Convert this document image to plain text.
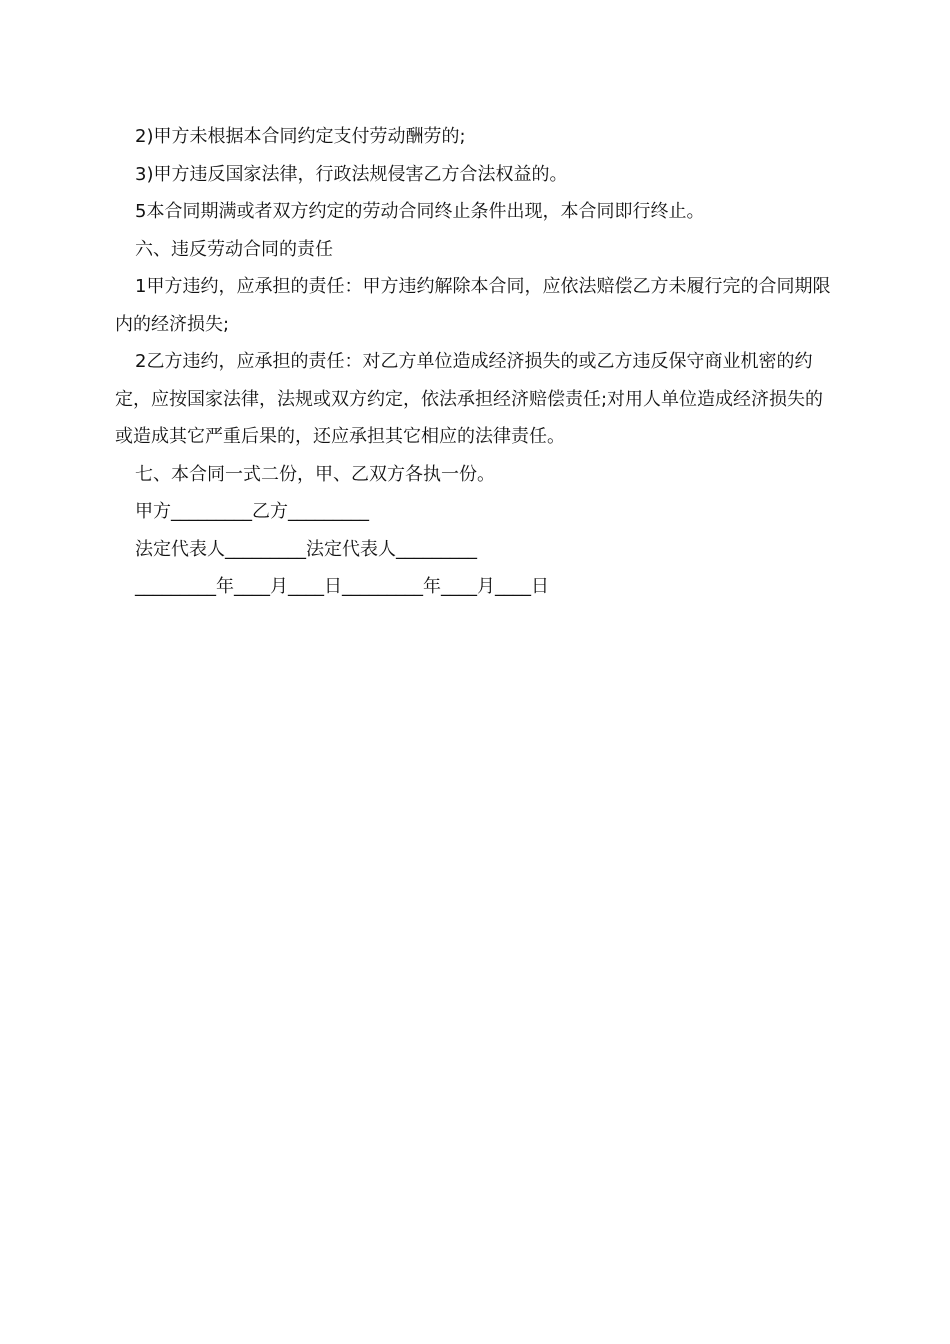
2)甲方未根据本合同约定支付劳动酬劳的;

3)甲方违反国家法律，行政法规侵害乙方合法权益的。

5本合同期满或者双方约定的劳动合同终止条件出现，本合同即行终止。

六、违反劳动合同的责任

1甲方违约，应承担的责任：甲方违约解除本合同，应依法赔偿乙方未履行完的合同期限内的经济损失;

2乙方违约，应承担的责任：对乙方单位造成经济损失的或乙方违反保守商业机密的约定，应按国家法律，法规或双方约定，依法承担经济赔偿责任;对用人单位造成经济损失的或造成其它严重后果的，还应承担其它相应的法律责任。

七、本合同一式二份，甲、乙双方各执一份。

甲方_________乙方_________

法定代表人_________法定代表人_________

_________年____月____日_________年____月____日
